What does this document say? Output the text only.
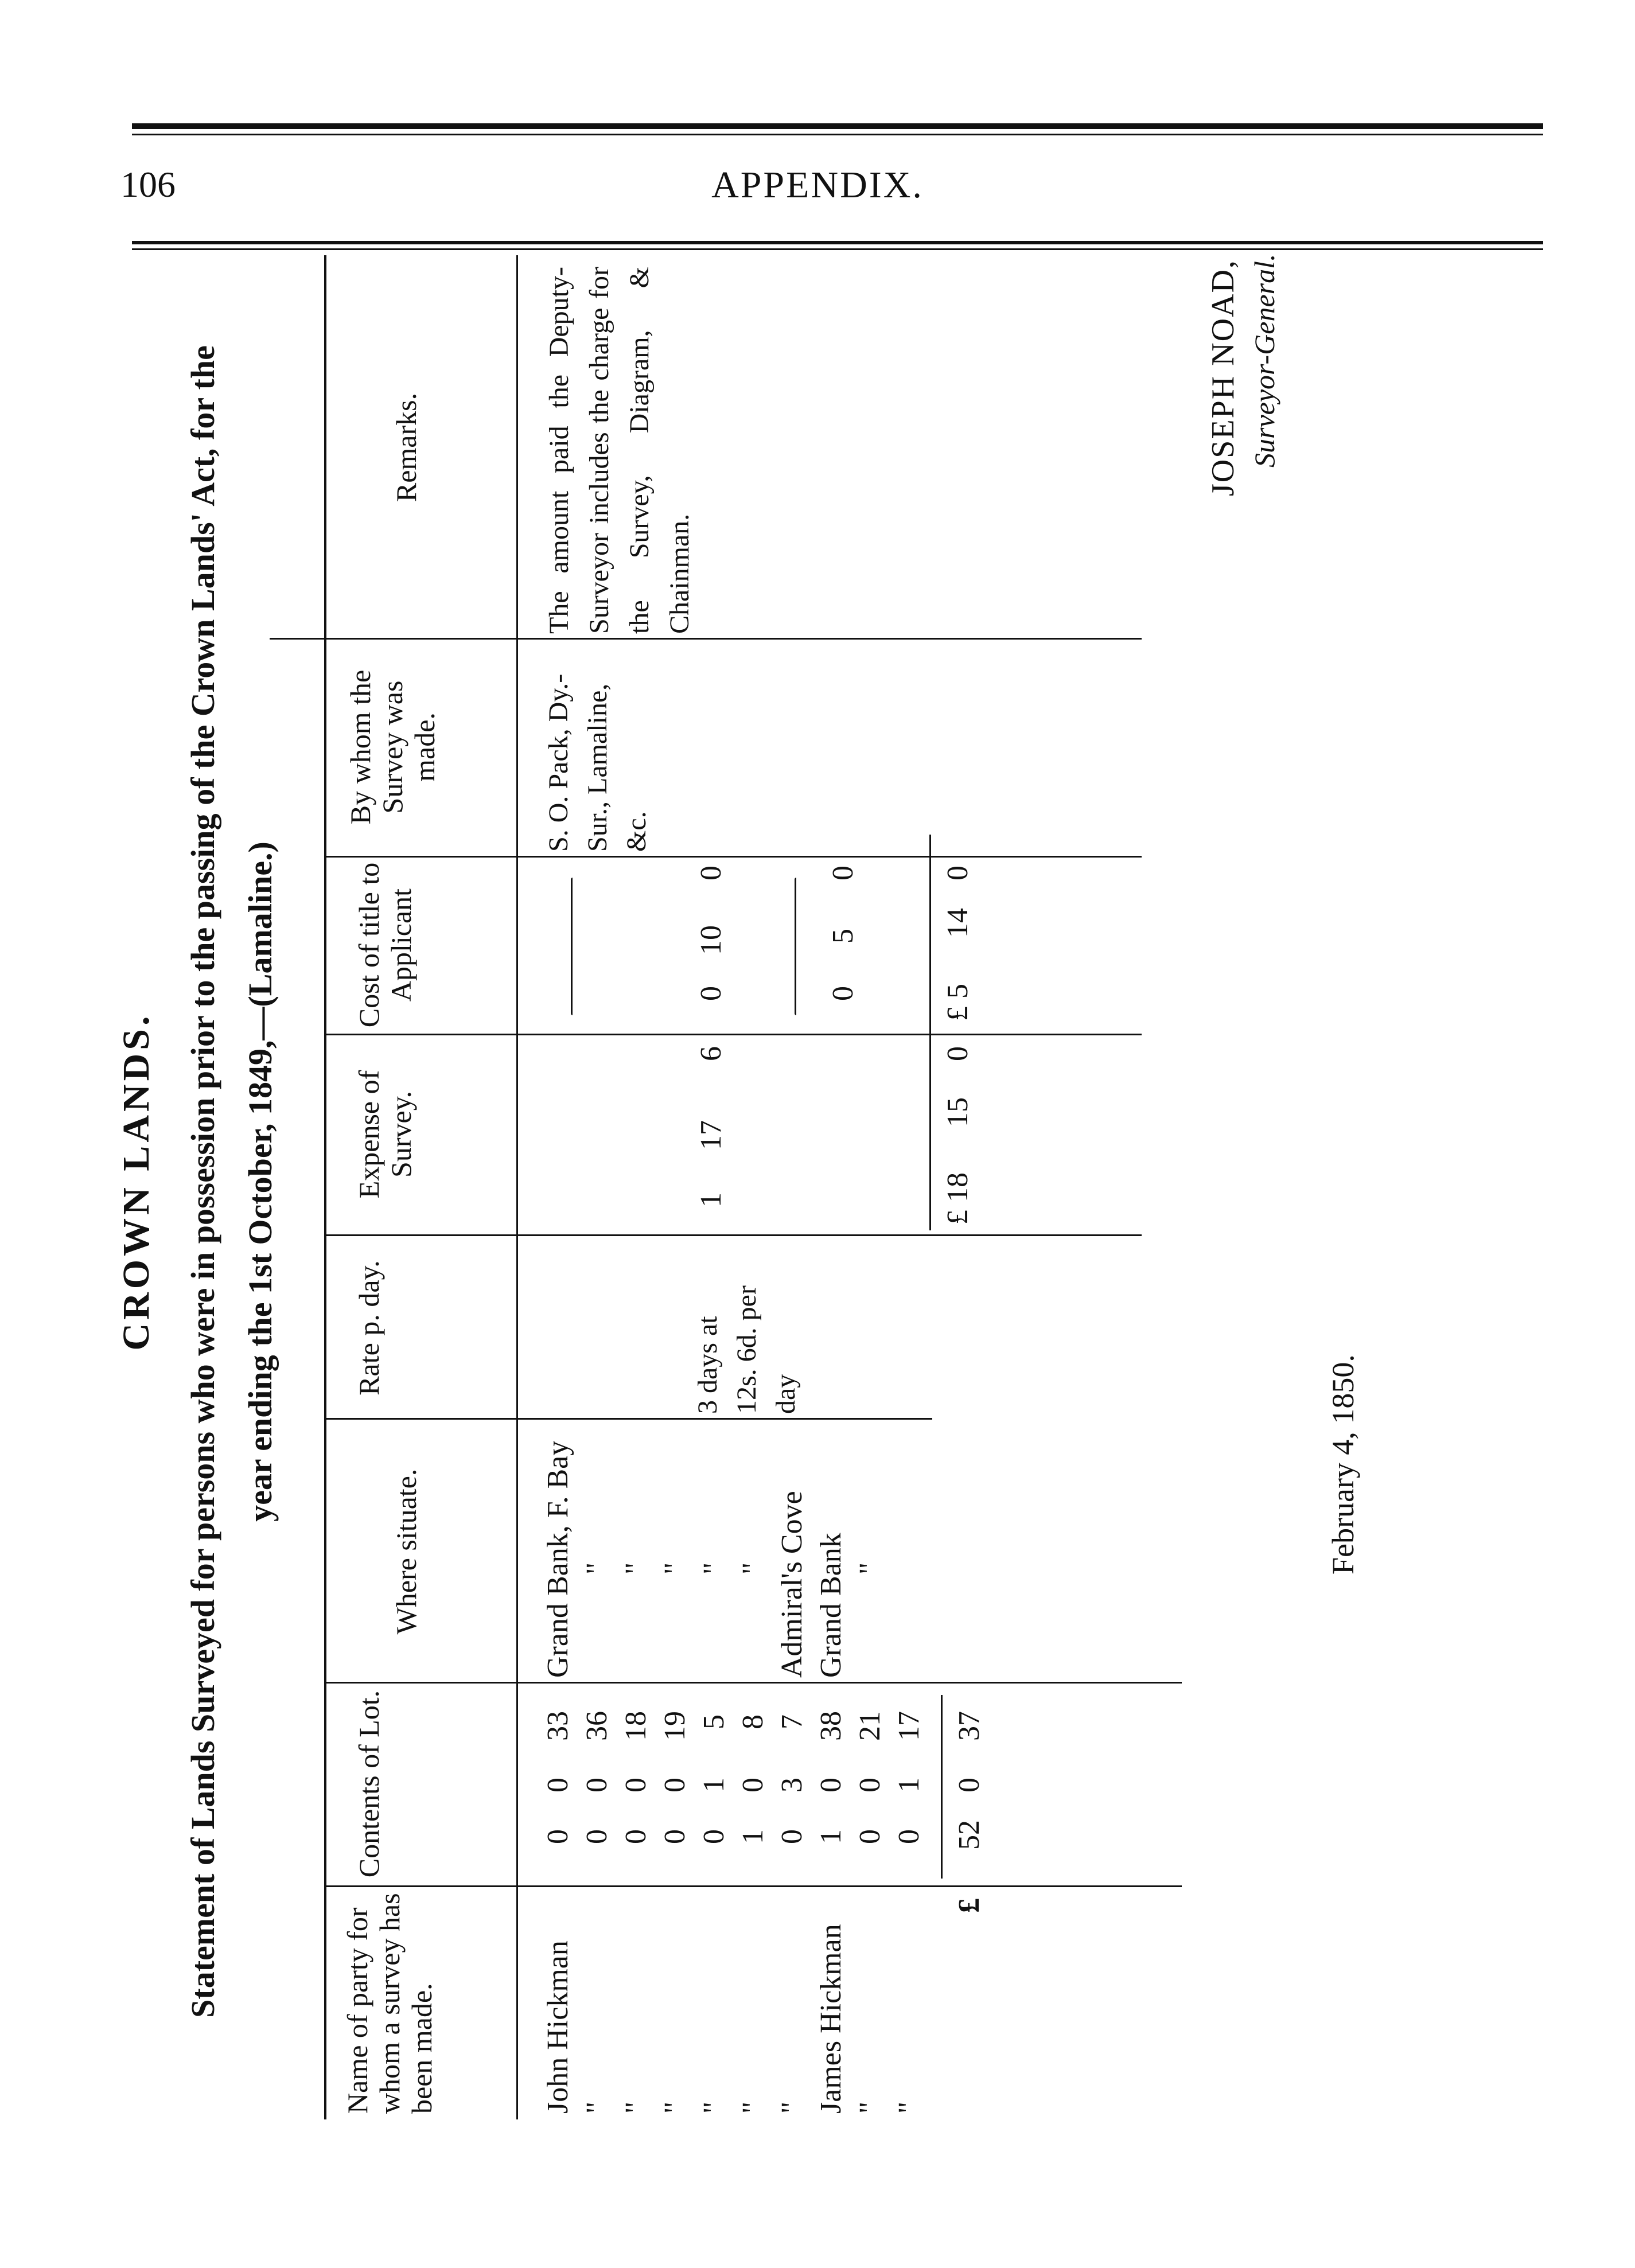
106	APPENDIX.
CROWN LANDS. Statement of Lands Surveyed for persons who were in possession prior to the passing of the Crown Lands' Act, for the year ending the 1st October, 1849,—(Lamaline.)
Name of party for whom a survey has been made.
Contents of Lot.
Where situate.
Rate p. day.
Expense of Survey.
Cost of title to Applicant
By whom the Survey was made.
Remarks.
John Hickman
0
0
33
Grand Bank, F. Bay
"
0
0
36
"
"
0
0
18
"
"
0
0
19
"
"
0
1
5
"
"
1
0
8
"
"
0
3
7
Admiral's Cove
James Hickman
1
0
38
Grand Bank
"
0
0
21
"
"
0
1
17
3 days at 12s. 6d. per day
1
17
6
0
10
0
0
5
0
S. O. Pack, Dy.-Sur., Lamaline, &c.
The amount paid the Deputy-Surveyor includes the charge for the Survey, Diagram, & Chainman.
£
52
0
37
£ 18
15
0
£ 5
14
0
JOSEPH NOAD, Surveyor-General.
February 4, 1850.
